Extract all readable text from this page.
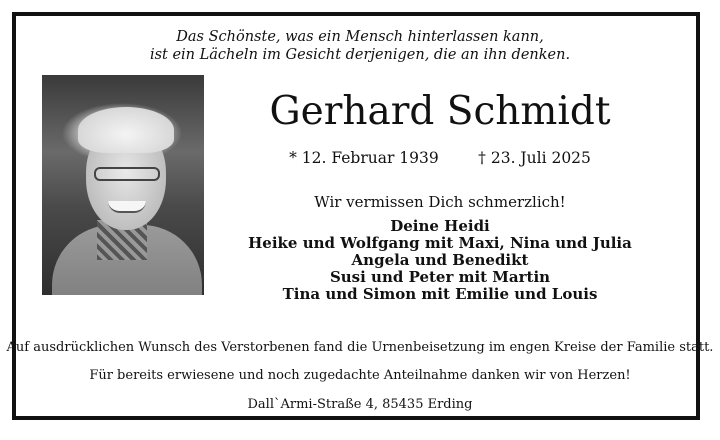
Das Schönste, was ein Mensch hinterlassen kann,
ist ein Lächeln im Gesicht derjenigen, die an ihn denken.
Gerhard Schmidt
* 12. Februar 1939	† 23. Juli 2025
Wir vermissen Dich schmerzlich!
Deine Heidi
Heike und Wolfgang mit Maxi, Nina und Julia
Angela und Benedikt
Susi und Peter mit Martin
Tina und Simon mit Emilie und Louis
Auf ausdrücklichen Wunsch des Verstorbenen fand die Urnenbeisetzung im engen Kreise der Familie statt.
Für bereits erwiesene und noch zugedachte Anteilnahme danken wir von Herzen!
Dall`Armi-Straße 4, 85435 Erding
